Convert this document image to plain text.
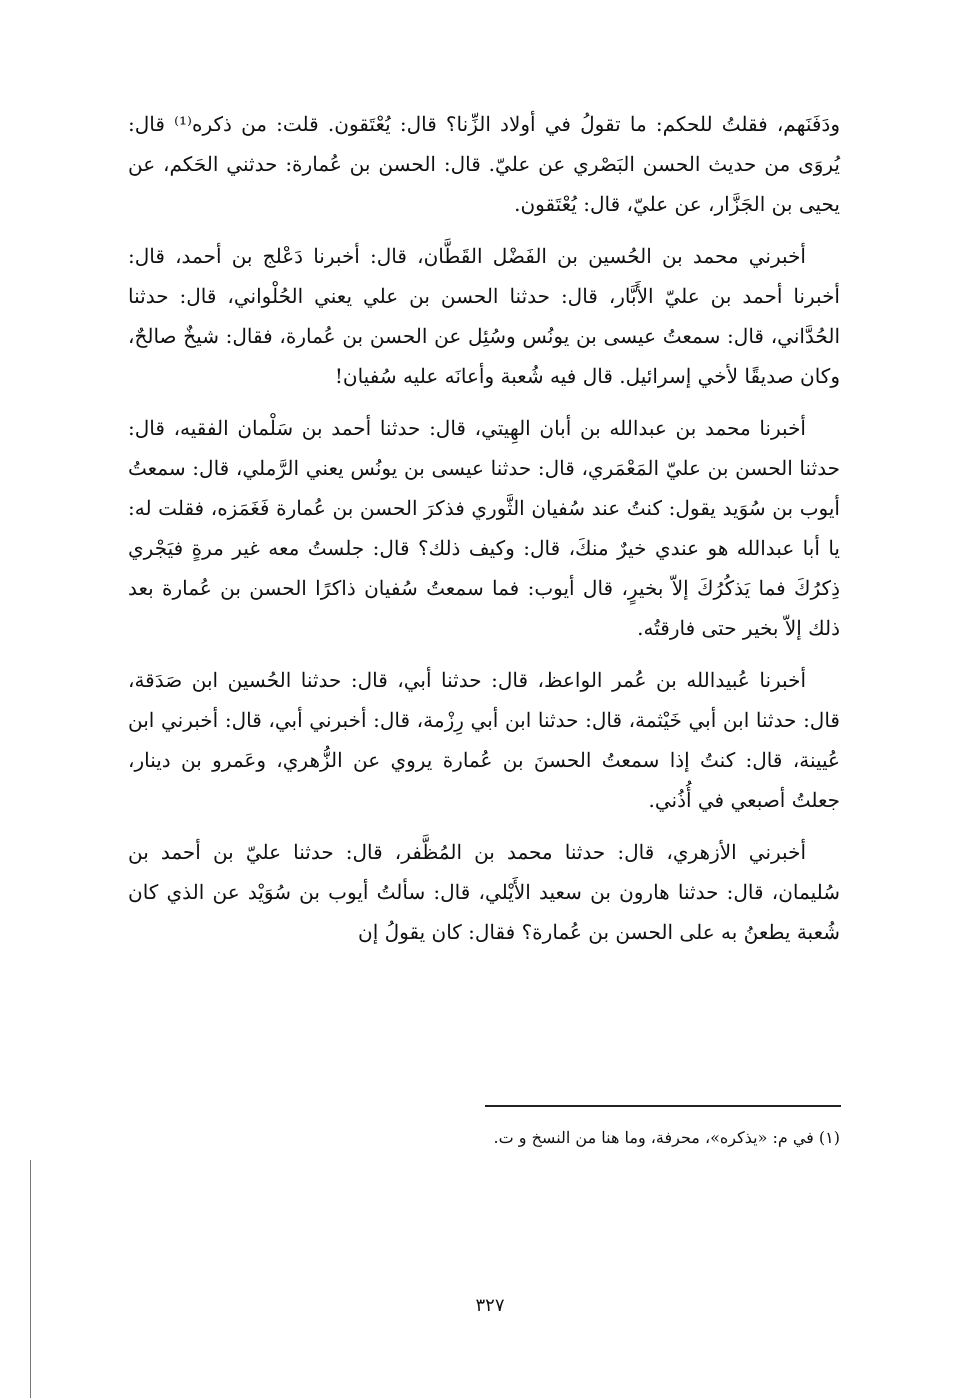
ودَفَنَهم، فقلتُ للحكم: ما تقولُ في أولاد الزِّنا؟ قال: يُعْتَقون. قلت: من ذكره⁽¹⁾ قال: يُروَى من حديث الحسن البَصْري عن عليّ. قال: الحسن بن عُمارة: حدثني الحَكم، عن يحيى بن الجَزَّار، عن عليّ، قال: يُعْتَقون.

أخبرني محمد بن الحُسين بن الفَضْل القَطَّان، قال: أخبرنا دَعْلج بن أحمد، قال: أخبرنا أحمد بن عليّ الأَبَّار، قال: حدثنا الحسن بن علي يعني الحُلْواني، قال: حدثنا الحُدَّاني، قال: سمعتُ عيسى بن يونُس وسُئِل عن الحسن بن عُمارة، فقال: شيخٌ صالحٌ، وكان صديقًا لأخي إسرائيل. قال فيه شُعبة وأعانَه عليه سُفيان!

أخبرنا محمد بن عبدالله بن أبان الهِيتي، قال: حدثنا أحمد بن سَلْمان الفقيه، قال: حدثنا الحسن بن عليّ المَعْمَري، قال: حدثنا عيسى بن يونُس يعني الرَّملي، قال: سمعتُ أيوب بن سُوَيد يقول: كنتُ عند سُفيان الثَّوري فذكرَ الحسن بن عُمارة فَغَمَزه، فقلت له: يا أبا عبدالله هو عندي خيرٌ منكَ، قال: وكيف ذلك؟ قال: جلستُ معه غير مرةٍ فيَجْري ذِكرُكَ فما يَذكُرُكَ إلاّ بخيرٍ، قال أيوب: فما سمعتُ سُفيان ذاكرًا الحسن بن عُمارة بعد ذلك إلاّ بخير حتى فارقتُه.

أخبرنا عُبيدالله بن عُمر الواعظ، قال: حدثنا أبي، قال: حدثنا الحُسين ابن صَدَقة، قال: حدثنا ابن أبي خَيْثمة، قال: حدثنا ابن أبي رِزْمة، قال: أخبرني أبي، قال: أخبرني ابن عُيينة، قال: كنتُ إذا سمعتُ الحسنَ بن عُمارة يروي عن الزُّهري، وعَمرو بن دينار، جعلتُ أصبعي في أُذُني.

أخبرني الأزهري، قال: حدثنا محمد بن المُظَّفر، قال: حدثنا عليّ بن أحمد بن سُليمان، قال: حدثنا هارون بن سعيد الأَيْلي، قال: سألتُ أيوب بن سُوَيْد عن الذي كان شُعبة يطعنُ به على الحسن بن عُمارة؟ فقال: كان يقولُ إن

(١) في م: «يذكره»، محرفة، وما هنا من النسخ و ت.
٣٢٧
